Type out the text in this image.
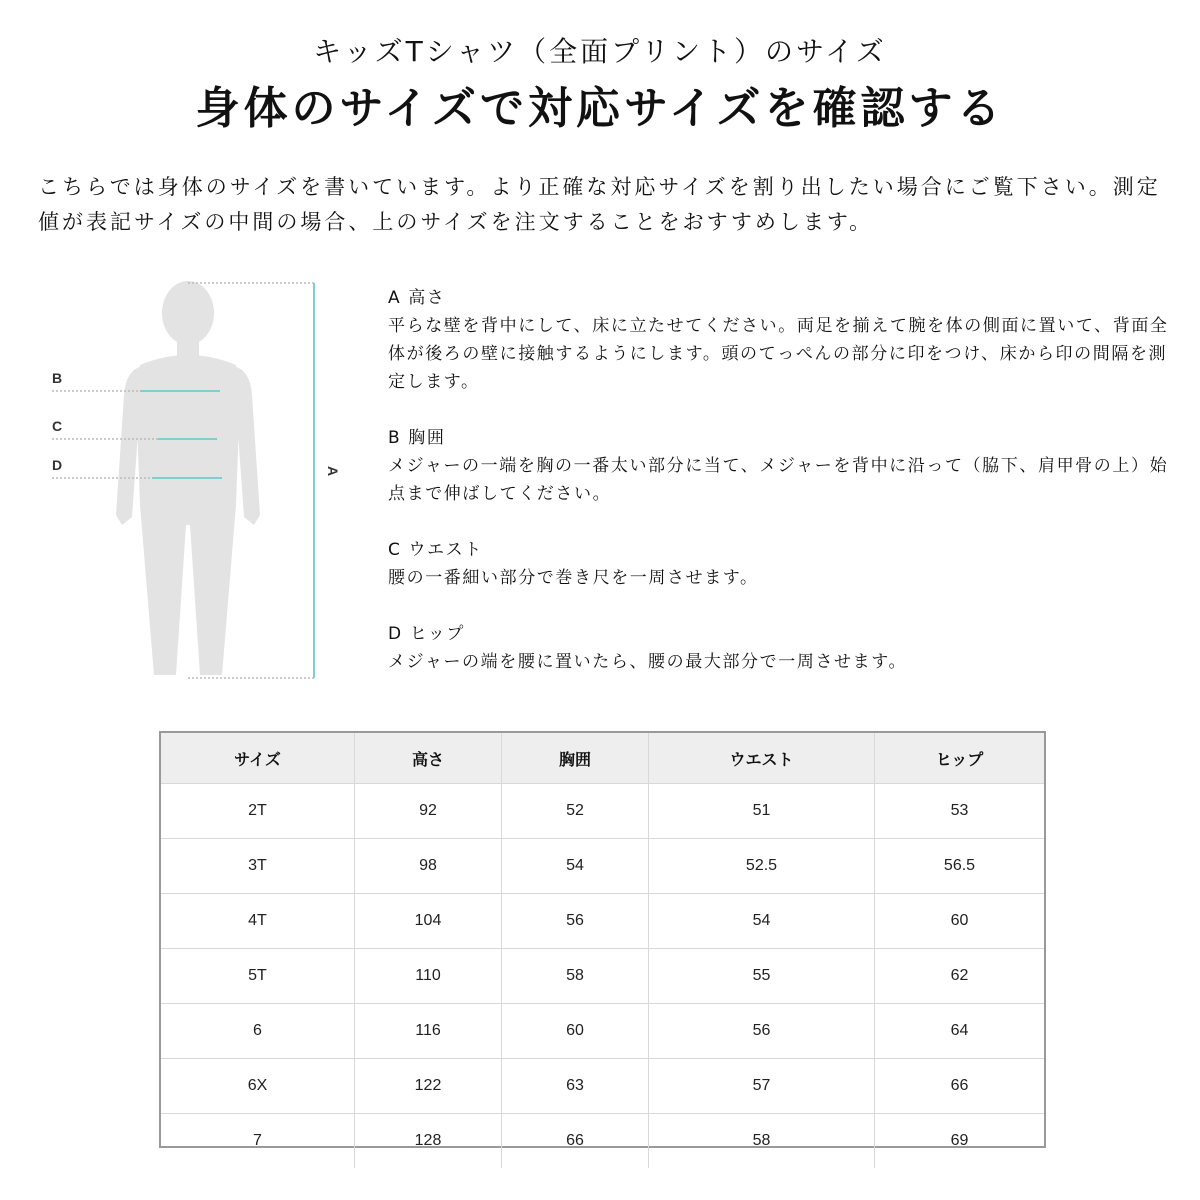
キッズTシャツ（全面プリント）のサイズ
身体のサイズで対応サイズを確認する
こちらでは身体のサイズを書いています。より正確な対応サイズを割り出したい場合にご覧下さい。測定値が表記サイズの中間の場合、上のサイズを注文することをおすすめします。
B
C
D	A
A 高さ
平らな壁を背中にして、床に立たせてください。両足を揃えて腕を体の側面に置いて、背面全体が後ろの壁に接触するようにします。頭のてっぺんの部分に印をつけ、床から印の間隔を測定します。
B 胸囲
メジャーの一端を胸の一番太い部分に当て、メジャーを背中に沿って（脇下、肩甲骨の上）始点まで伸ばしてください。
C ウエスト
腰の一番細い部分で巻き尺を一周させます。
D ヒップ
メジャーの端を腰に置いたら、腰の最大部分で一周させます。
サイズ	高さ	胸囲	ウエスト	ヒップ
2T	92	52	51	53
3T	98	54	52.5	56.5
4T	104	56	54	60
5T	110	58	55	62
6	116	60	56	64
6X	122	63	57	66
7	128	66	58	69
